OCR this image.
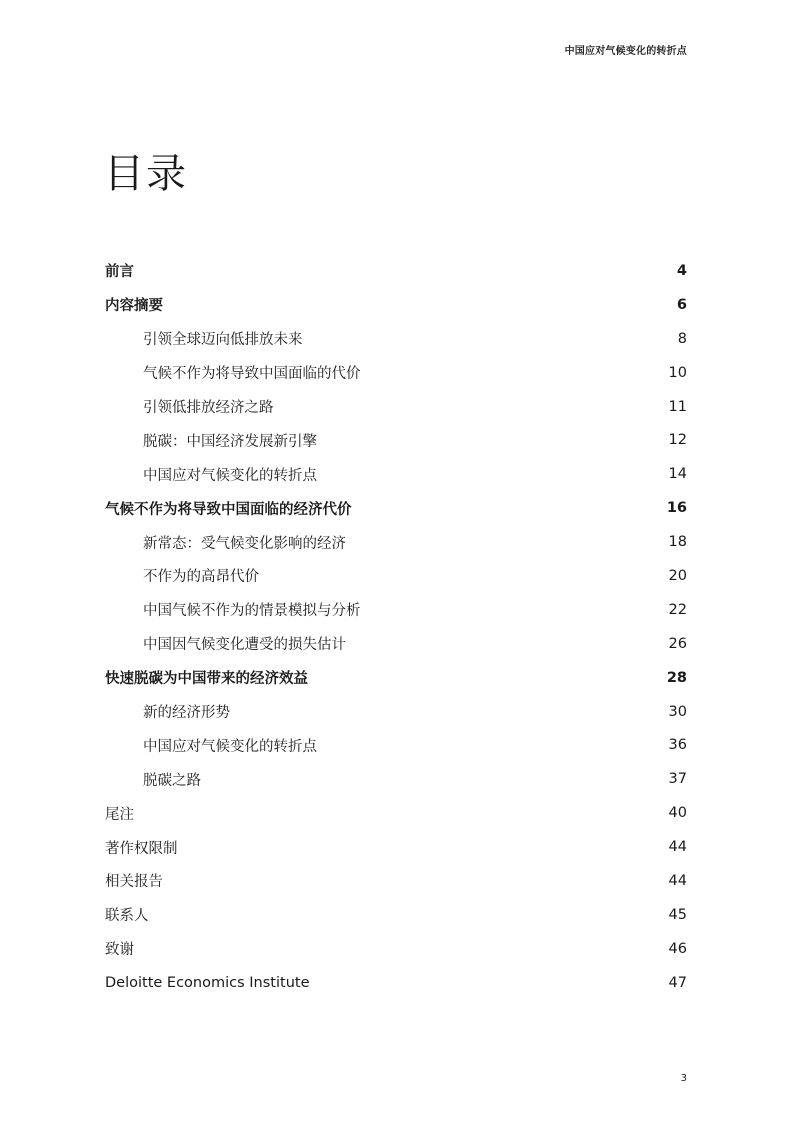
中国应对气候变化的转折点
目录
前言	4
内容摘要	6
引领全球迈向低排放未来	8
气候不作为将导致中国面临的代价	10
引领低排放经济之路	11
脱碳：中国经济发展新引擎	12
中国应对气候变化的转折点	14
气候不作为将导致中国面临的经济代价	16
新常态：受气候变化影响的经济	18
不作为的高昂代价	20
中国气候不作为的情景模拟与分析	22
中国因气候变化遭受的损失估计	26
快速脱碳为中国带来的经济效益	28
新的经济形势	30
中国应对气候变化的转折点	36
脱碳之路	37
尾注	40
著作权限制	44
相关报告	44
联系人	45
致谢	46
Deloitte Economics Institute	47
3
